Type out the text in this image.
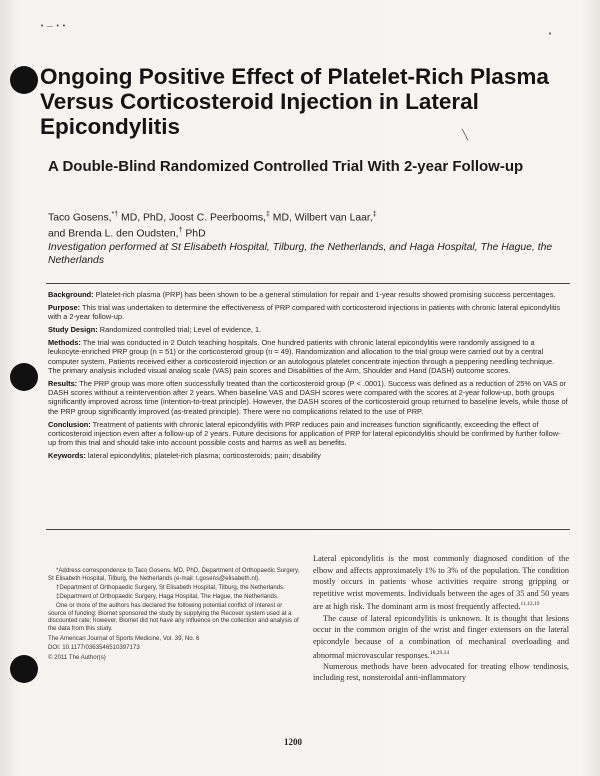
• — • •
•
╲
Ongoing Positive Effect of Platelet-Rich Plasma Versus Corticosteroid Injection in Lateral Epicondylitis
A Double-Blind Randomized Controlled Trial With 2-year Follow-up
Taco Gosens,*† MD, PhD, Joost C. Peerbooms,‡ MD, Wilbert van Laar,‡
and Brenda L. den Oudsten,† PhD
Investigation performed at St Elisabeth Hospital, Tilburg, the Netherlands, and Haga Hospital, The Hague, the Netherlands

Background: Platelet-rich plasma (PRP) has been shown to be a general stimulation for repair and 1-year results showed promising success percentages.

Purpose: This trial was undertaken to determine the effectiveness of PRP compared with corticosteroid injections in patients with chronic lateral epicondylitis with a 2-year follow-up.

Study Design: Randomized controlled trial; Level of evidence, 1.

Methods: The trial was conducted in 2 Dutch teaching hospitals. One hundred patients with chronic lateral epicondylitis were randomly assigned to a leukocyte-enriched PRP group (n = 51) or the corticosteroid group (n = 49). Randomization and allocation to the trial group were carried out by a central computer system. Patients received either a corticosteroid injection or an autologous platelet concentrate injection through a peppering needling technique. The primary analysis included visual analog scale (VAS) pain scores and Disabilities of the Arm, Shoulder and Hand (DASH) outcome scores.

Results: The PRP group was more often successfully treated than the corticosteroid group (P < .0001). Success was defined as a reduction of 25% on VAS or DASH scores without a reintervention after 2 years. When baseline VAS and DASH scores were compared with the scores at 2-year follow-up, both groups significantly improved across time (intention-to-treat principle). However, the DASH scores of the corticosteroid group returned to baseline levels, while those of the PRP group significantly improved (as-treated principle). There were no complications related to the use of PRP.

Conclusion: Treatment of patients with chronic lateral epicondylitis with PRP reduces pain and increases function significantly, exceeding the effect of corticosteroid injection even after a follow-up of 2 years. Future decisions for application of PRP for lateral epicondylitis should be confirmed by further follow-up from this trial and should take into account possible costs and harms as well as benefits.

Keywords: lateral epicondylitis; platelet-rich plasma; corticosteroids; pain; disability

*Address correspondence to Taco Gosens, MD, PhD, Department of Orthopaedic Surgery, St Elisabeth Hospital, Tilburg, the Netherlands (e-mail: t.gosens@elisabeth.nl).

†Department of Orthopaedic Surgery, St Elisabeth Hospital, Tilburg, the Netherlands.

‡Department of Orthopaedic Surgery, Haga Hospital, The Hague, the Netherlands.

One or more of the authors has declared the following potential conflict of interest or source of funding: Biomet sponsored the study by supplying the Recover system used at a discounted rate; however, Biomet did not have any influence on the collection and analysis of the data from this study.

The American Journal of Sports Medicine, Vol. 39, No. 6

DOI: 10.1177/0363546510397173

© 2011 The Author(s)

Lateral epicondylitis is the most commonly diagnosed condition of the elbow and affects approximately 1% to 3% of the population. The condition mostly occurs in patients whose activities require strong gripping or repetitive wrist movements. Individuals between the ages of 35 and 50 years are at high risk. The dominant arm is most frequently affected.$^{11,12,19}$

The cause of lateral epicondylitis is unknown. It is thought that lesions occur in the common origin of the wrist and finger extensors on the lateral epicondyle because of a combination of mechanical overloading and abnormal microvascular responses.$^{18,29,34}$

Numerous methods have been advocated for treating elbow tendinosis, including rest, nonsteroidal anti-inflammatory

1200
